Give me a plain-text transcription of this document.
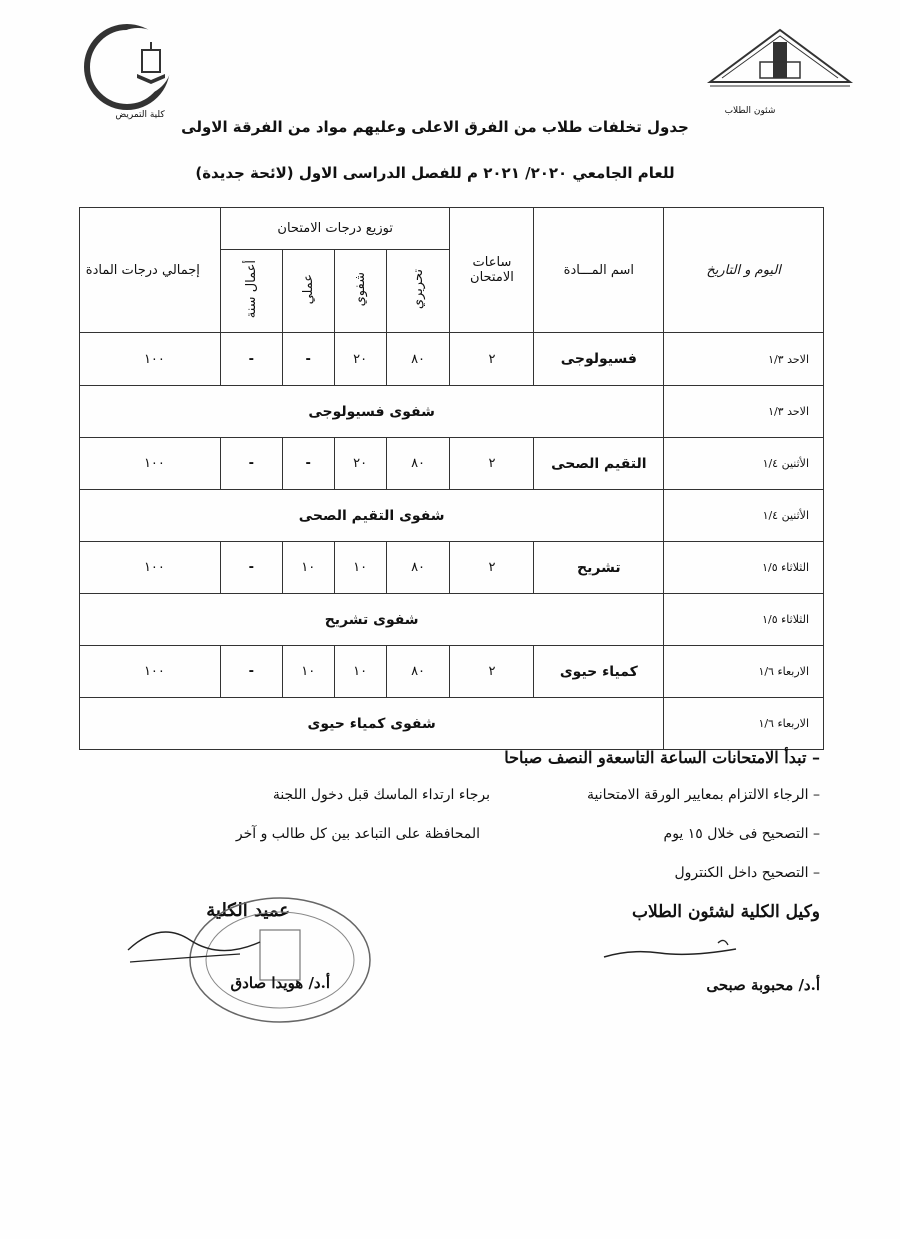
كلية التمريض	شئون الطلاب
جدول تخلفات طلاب من الفرق الاعلى وعليهم مواد من الفرقة الاولى
للعام الجامعي ٢٠٢٠/ ٢٠٢١ م للفصل الدراسى الاول (لائحة جديدة)
اليوم و التاريخ	اسم المـــادة	ساعات الامتحان	توزيع درجات الامتحان				إجمالي درجات المادة
			تحريري	شفوي	عملي	أعمال سنة	
الاحد ١/٣	فسيولوجى	٢	٨٠	٢٠	-	-	١٠٠
الاحد ١/٣	شفوى فسيولوجى						
الأثنين ١/٤	التقيم الصحى	٢	٨٠	٢٠	-	-	١٠٠
الأثنين ١/٤	شفوى التقيم الصحى						
الثلاثاء ١/٥	تشريح	٢	٨٠	١٠	١٠	-	١٠٠
الثلاثاء ١/٥	شفوى تشريح						
الاربعاء ١/٦	كمياء حيوى	٢	٨٠	١٠	١٠	-	١٠٠
الاربعاء ١/٦	شفوى كمياء حيوى						
– تبدأ الامتحانات الساعة التاسعةو النصف صباحا
– الرجاء الالتزام بمعايير الورقة الامتحانية
برجاء ارتداء الماسك قبل دخول اللجنة
– التصحيح فى خلال ١٥ يوم
المحافظة على التباعد بين كل طالب و آخر
– التصحيح داخل الكنترول
وكيل الكلية لشئون الطلاب
أ.د/ محبوبة صبحى
عميد الكلية
أ.د/ هويدا صادق
